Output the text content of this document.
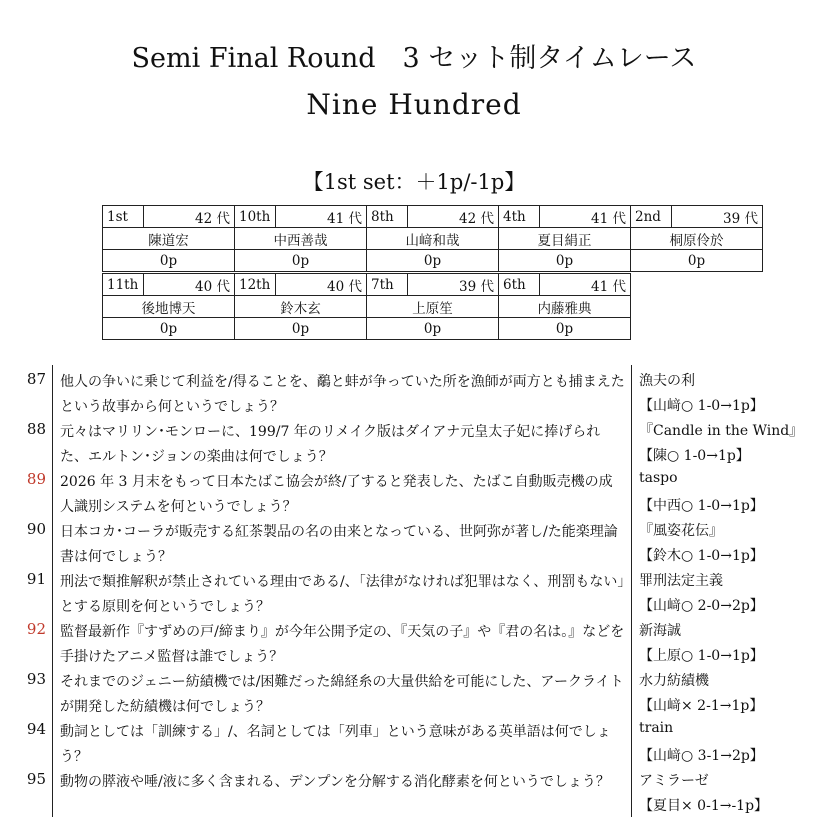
Semi Final Round　3 セット制タイムレース
Nine Hundred
【1st set：＋1p/-1p】
1st	42 代	10th	41 代	8th	42 代	4th	41 代	2nd	39 代
陳道宏		中西善哉		山﨑和哉		夏目絹正		桐原伶於	
0p		0p		0p		0p		0p	
11th	40 代	12th	40 代	7th	39 代	6th	41 代
後地博天		鈴木玄		上原笙		内藤雅典	
0p		0p		0p		0p	
87 他人の争いに乗じて利益を/得ることを、鷸と蚌が争っていた所を漁師が両方とも捕まえたという故事から何というでしょう？
漁夫の利
【山﨑○ 1-0→1p】
88 元々はマリリン･モンローに、199/7 年のリメイク版はダイアナ元皇太子妃に捧げられた、エルトン･ジョンの楽曲は何でしょう？
『Candle in the Wind』
【陳○ 1-0→1p】
89 2026 年 3 月末をもって日本たばこ協会が終/了すると発表した、たばこ自動販売機の成人識別システムを何というでしょう？
taspo
【中西○ 1-0→1p】
90 日本コカ･コーラが販売する紅茶製品の名の由来となっている、世阿弥が著し/た能楽理論書は何でしょう？
『風姿花伝』
【鈴木○ 1-0→1p】
91 刑法で類推解釈が禁止されている理由である/、「法律がなければ犯罪はなく、刑罰もない」とする原則を何というでしょう？
罪刑法定主義
【山﨑○ 2-0→2p】
92 監督最新作『すずめの戸/締まり』が今年公開予定の、『天気の子』や『君の名は。』などを手掛けたアニメ監督は誰でしょう？
新海誠
【上原○ 1-0→1p】
93 それまでのジェニー紡績機では/困難だった綿経糸の大量供給を可能にした、アークライトが開発した紡績機は何でしょう？
水力紡績機
【山﨑× 2-1→1p】
94 動詞としては「訓練する」/、名詞としては「列車」という意味がある英単語は何でしょう？
train
【山﨑○ 3-1→2p】
95 動物の膵液や唾/液に多く含まれる、デンプンを分解する消化酵素を何というでしょう？	アミラーゼ
【夏目× 0-1→-1p】
